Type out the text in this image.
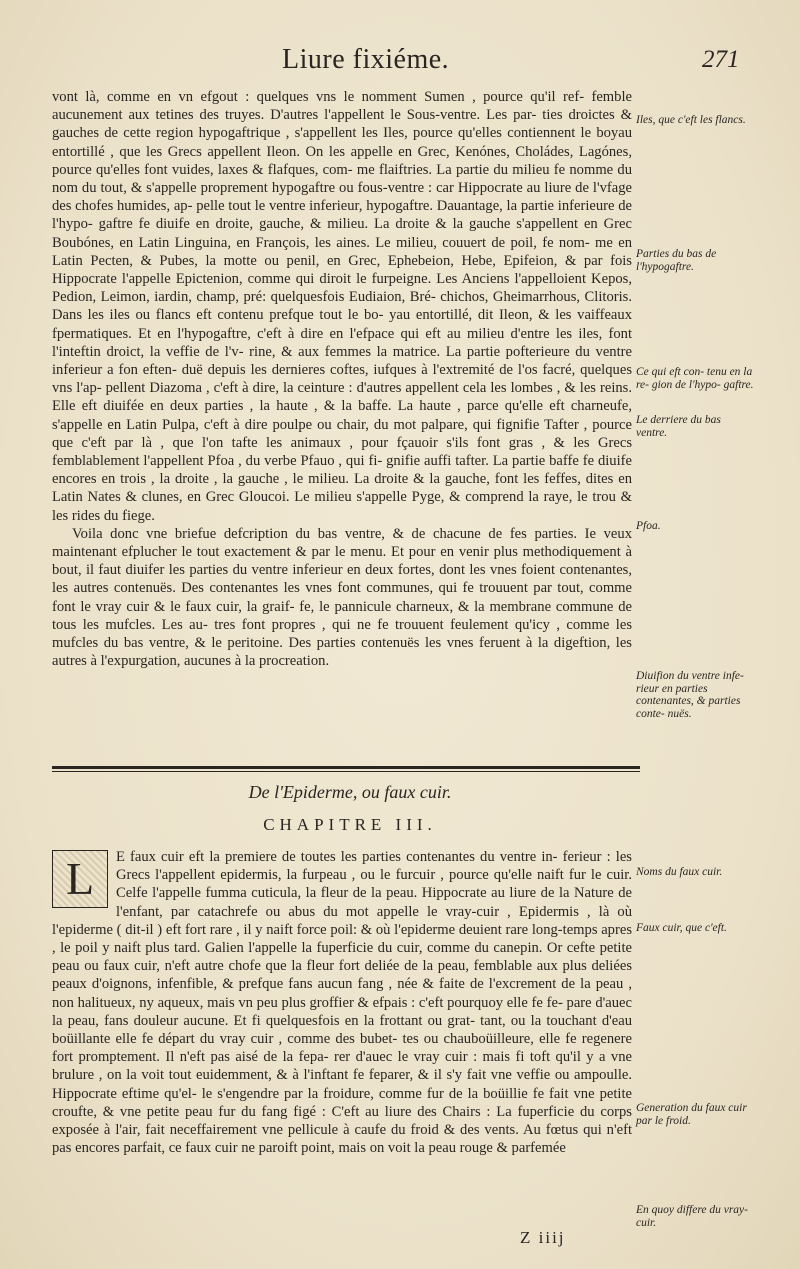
Liure fixiéme.	271

vont là, comme en vn efgout : quelques vns le nomment Sumen , pource qu'il ref- femble aucunement aux tetines des truyes. D'autres l'appellent le Sous-ventre. Les par- ties droictes & gauches de cette region hypogaftrique , s'appellent les Iles, pource qu'elles contiennent le boyau entortillé , que les Grecs appellent Ileon. On les appelle en Grec, Kenónes, Choládes, Lagónes, pource qu'elles font vuides, laxes & flafques, com- me flaiftries. La partie du milieu fe nomme du nom du tout, & s'appelle proprement hypogaftre ou fous-ventre : car Hippocrate au liure de l'vfage des chofes humides, ap- pelle tout le ventre inferieur, hypogaftre. Dauantage, la partie inferieure de l'hypo- gaftre fe diuife en droite, gauche, & milieu. La droite & la gauche s'appellent en Grec Boubónes, en Latin Linguina, en François, les aines. Le milieu, couuert de poil, fe nom- me en Latin Pecten, & Pubes, la motte ou penil, en Grec, Ephebeion, Hebe, Epifeion, & par fois Hippocrate l'appelle Epictenion, comme qui diroit le furpeigne. Les Anciens l'appelloient Kepos, Pedion, Leimon, iardin, champ, pré: quelquesfois Eudiaion, Bré- chichos, Gheimarrhous, Clitoris. Dans les iles ou flancs eft contenu prefque tout le bo- yau entortillé, dit Ileon, & les vaiffeaux fpermatiques. Et en l'hypogaftre, c'eft à dire en l'efpace qui eft au milieu d'entre les iles, font l'inteftin droict, la veffie de l'v- rine, & aux femmes la matrice. La partie pofterieure du ventre inferieur a fon eften- duë depuis les dernieres coftes, iufques à l'extremité de l'os facré, quelques vns l'ap- pellent Diazoma , c'eft à dire, la ceinture : d'autres appellent cela les lombes , & les reins. Elle eft diuifée en deux parties , la haute , & la baffe. La haute , parce qu'elle eft charneufe, s'appelle en Latin Pulpa, c'eft à dire poulpe ou chair, du mot palpare, qui fignifie Tafter , pource que c'eft par là , que l'on tafte les animaux , pour fçauoir s'ils font gras , & les Grecs femblablement l'appellent Pfoa , du verbe Pfauo , qui fi- gnifie auffi tafter. La partie baffe fe diuife encores en trois , la droite , la gauche , le milieu. La droite & la gauche, font les feffes, dites en Latin Nates & clunes, en Grec Gloucoi. Le milieu s'appelle Pyge, & comprend la raye, le trou & les rides du fiege.

Voila donc vne briefue defcription du bas ventre, & de chacune de fes parties. Ie veux maintenant efplucher le tout exactement & par le menu. Et pour en venir plus methodiquement à bout, il faut diuifer les parties du ventre inferieur en deux fortes, dont les vnes foient contenantes, les autres contenuës. Des contenantes les vnes font communes, qui fe trouuent par tout, comme font le vray cuir & le faux cuir, la graif- fe, le pannicule charneux, & la membrane commune de tous les mufcles. Les au- tres font propres , qui ne fe trouuent feulement qu'icy , comme les mufcles du bas ventre, & le peritoine. Des parties contenuës les vnes feruent à la digeftion, les autres à l'expurgation, aucunes à la procreation.

Iles, que c'eft les flancs.
Parties du bas de l'hypogaftre.
Ce qui eft con- tenu en la re- gion de l'hypo- gaftre.
Le derriere du bas ventre.
Pfoa.
Diuifion du ventre infe- rieur en parties contenantes, & parties conte- nuës.
Noms du faux cuir.
Faux cuir, que c'eft.
Generation du faux cuir par le froid.
En quoy differe du vray-cuir.
De l'Epiderme, ou faux cuir.
CHAPITRE III.
L	E faux cuir eft la premiere de toutes les parties contenantes du ventre in- ferieur : les Grecs l'appellent epidermis, la furpeau , ou le furcuir , pource qu'elle naift fur le cuir. Celfe l'appelle fumma cuticula, la fleur de la peau. Hippocrate au liure de la Nature de l'enfant, par catachrefe ou abus du mot appelle le vray-cuir , Epidermis , là où l'epiderme ( dit-il ) eft fort rare , il y naift force poil: & où l'epiderme deuient rare long-temps apres , le poil y naift plus tard. Galien l'appelle la fuperficie du cuir, comme du canepin. Or cefte petite peau ou faux cuir, n'eft autre chofe que la fleur fort deliée de la peau, femblable aux plus deliées peaux d'oignons, infenfible, & prefque fans aucun fang , née & faite de l'excrement de la peau , non halitueux, ny aqueux, mais vn peu plus groffier & efpais : c'eft pourquoy elle fe fe- pare d'auec la peau, fans douleur aucune. Et fi quelquesfois en la frottant ou grat- tant, ou la touchant d'eau boüillante elle fe départ du vray cuir , comme des bubet- tes ou chauboüilleure, elle fe regenere fort promptement. Il n'eft pas aisé de la fepa- rer d'auec le vray cuir : mais fi toft qu'il y a vne brulure , on la voit tout euidemment, & à l'inftant fe feparer, & il s'y fait vne veffie ou ampoulle. Hippocrate eftime qu'el- le s'engendre par la froidure, comme fur de la boüillie fe fait vne petite croufte, & vne petite peau fur du fang figé : C'eft au liure des Chairs : La fuperficie du corps exposée à l'air, fait neceffairement vne pellicule à caufe du froid & des vents. Au fœtus qui n'eft pas encores parfait, ce faux cuir ne paroift point, mais on voit la peau rouge & parfemée
Z iiij
